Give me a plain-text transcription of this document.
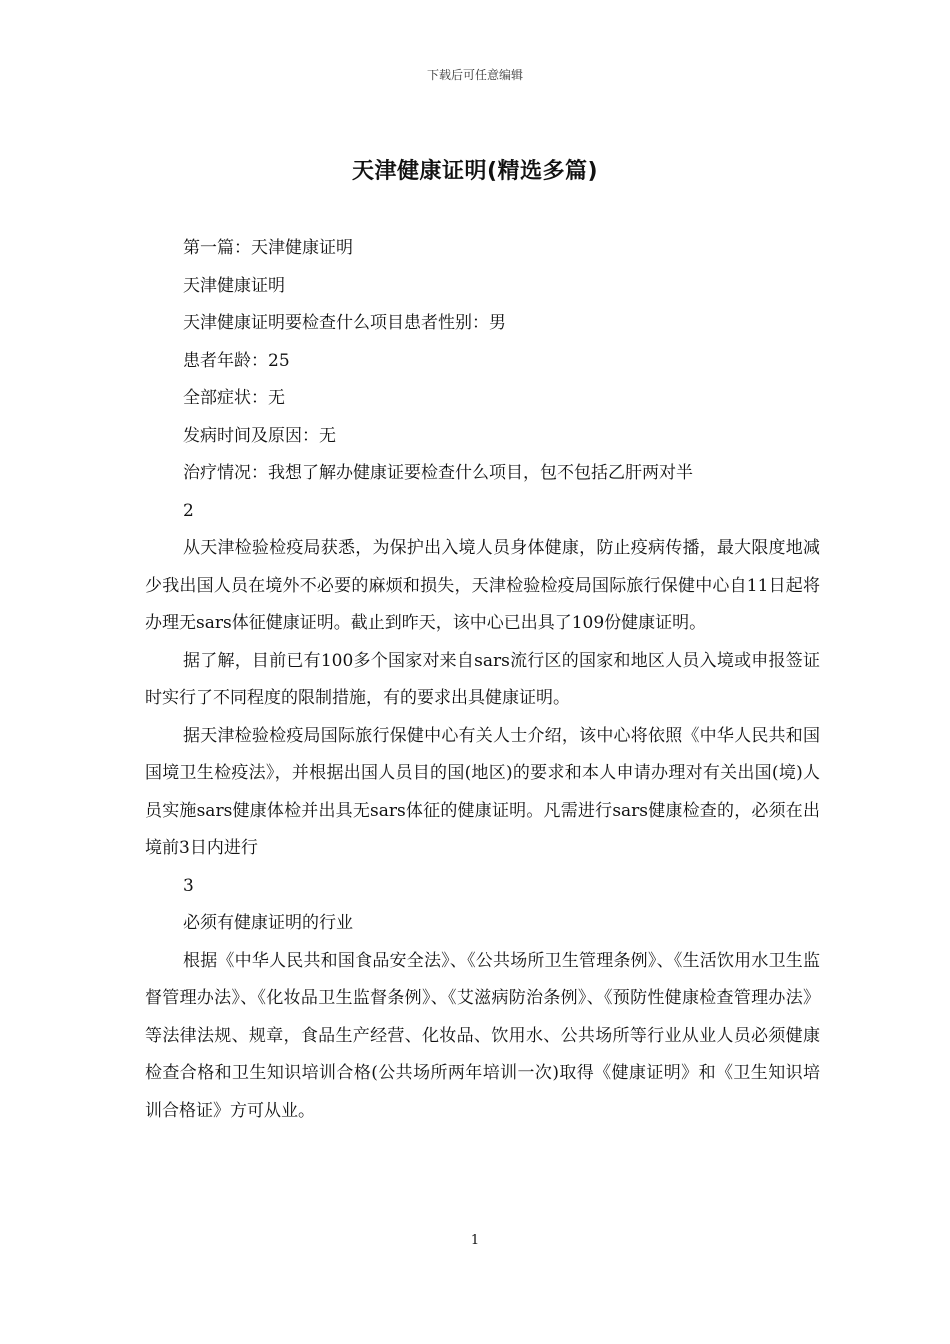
下载后可任意编辑
天津健康证明(精选多篇)

第一篇：天津健康证明

天津健康证明

天津健康证明要检查什么项目患者性别：男

患者年龄：25

全部症状：无

发病时间及原因：无

治疗情况：我想了解办健康证要检查什么项目，包不包括乙肝两对半

2

从天津检验检疫局获悉，为保护出入境人员身体健康，防止疫病传播，最大限度地减少我出国人员在境外不必要的麻烦和损失，天津检验检疫局国际旅行保健中心自11日起将办理无sars体征健康证明。截止到昨天，该中心已出具了109份健康证明。

据了解，目前已有100多个国家对来自sars流行区的国家和地区人员入境或申报签证时实行了不同程度的限制措施，有的要求出具健康证明。

据天津检验检疫局国际旅行保健中心有关人士介绍，该中心将依照《中华人民共和国国境卫生检疫法》，并根据出国人员目的国(地区)的要求和本人申请办理对有关出国(境)人员实施sars健康体检并出具无sars体征的健康证明。凡需进行sars健康检查的，必须在出境前3日内进行

3

必须有健康证明的行业

根据《中华人民共和国食品安全法》、《公共场所卫生管理条例》、《生活饮用水卫生监督管理办法》、《化妆品卫生监督条例》、《艾滋病防治条例》、《预防性健康检查管理办法》等法律法规、规章，食品生产经营、化妆品、饮用水、公共场所等行业从业人员必须健康检查合格和卫生知识培训合格(公共场所两年培训一次)取得《健康证明》和《卫生知识培训合格证》方可从业。

1
